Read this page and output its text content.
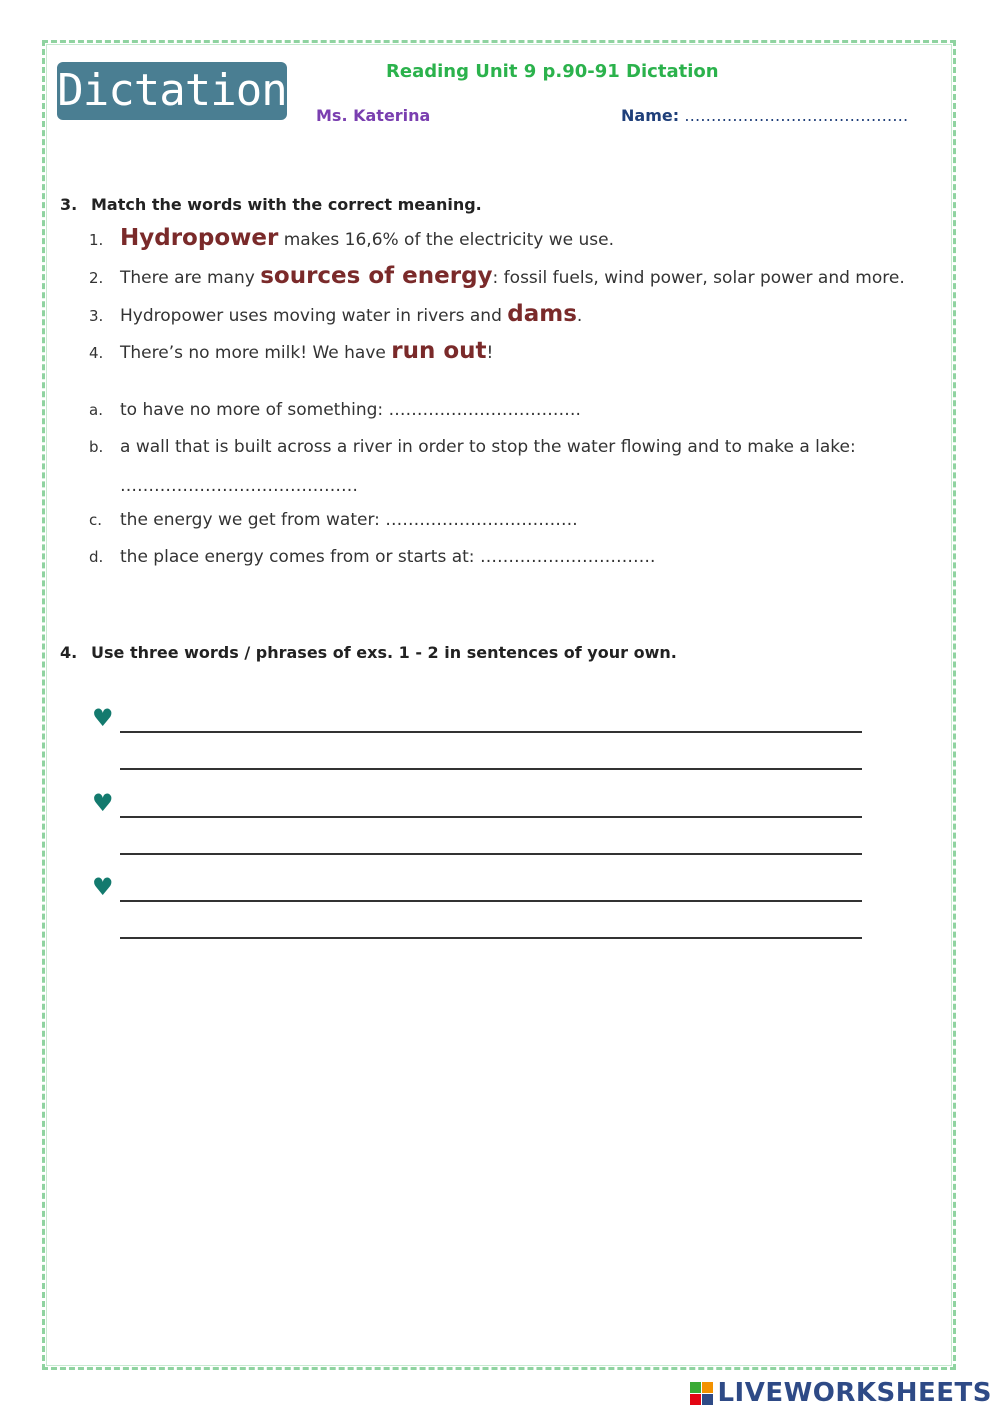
Dictation	Reading Unit 9 p.90-91 Dictation
Ms. Katerina	Name: ……………………………………
3. Match the words with the correct meaning.
1. Hydropower makes 16,6% of the electricity we use.
2. There are many sources of energy: fossil fuels, wind power, solar power and more.
3. Hydropower uses moving water in rivers and dams.
4. There’s no more milk! We have run out!
a. to have no more of something: …………………………….
b. a wall that is built across a river in order to stop the water flowing and to make a lake:
……………………………………
c. the energy we get from water: …………………………….
d. the place energy comes from or starts at: ………………………….
4. Use three words / phrases of exs. 1 - 2 in sentences of your own.
♥
♥
♥
LIVEWORKSHEETS
